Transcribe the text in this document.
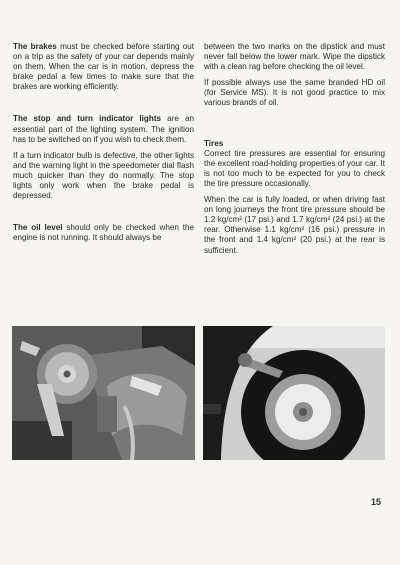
The brakes must be checked before starting out on a trip as the safety of your car depends mainly on them. When the car is in motion, depress the brake pedal a few times to make sure that the brakes are working efficiently.

The stop and turn indicator lights are an essential part of the lighting system. The ignition has to be switched on if you wish to check them.

If a turn indicator bulb is defective, the other lights and the warning light in the speedometer dial flash much quicker than they do normally. The stop lights only work when the brake pedal is depressed.

The oil level should only be checked when the engine is not running. It should always be

between the two marks on the dipstick and must never fall below the lower mark. Wipe the dipstick with a clean rag before checking the oil level.

If possible always use the same branded HD oil (for Service MS). It is not good practice to mix various brands of oil.

Tires

Correct tire pressures are essential for ensuring the excellent road-holding properties of your car. It is not too much to be expected for you to check the tire pressure occasionally.

When the car is fully loaded, or when driving fast on long journeys the front tire pressure should be 1.2 kg/cm² (17 psi.) and 1.7 kg/cm² (24 psi.) at the rear. Otherwise 1.1 kg/cm² (16 psi.) pressure in the front and 1.4 kg/cm² (20 psi.) at the rear is sufficient.

15
